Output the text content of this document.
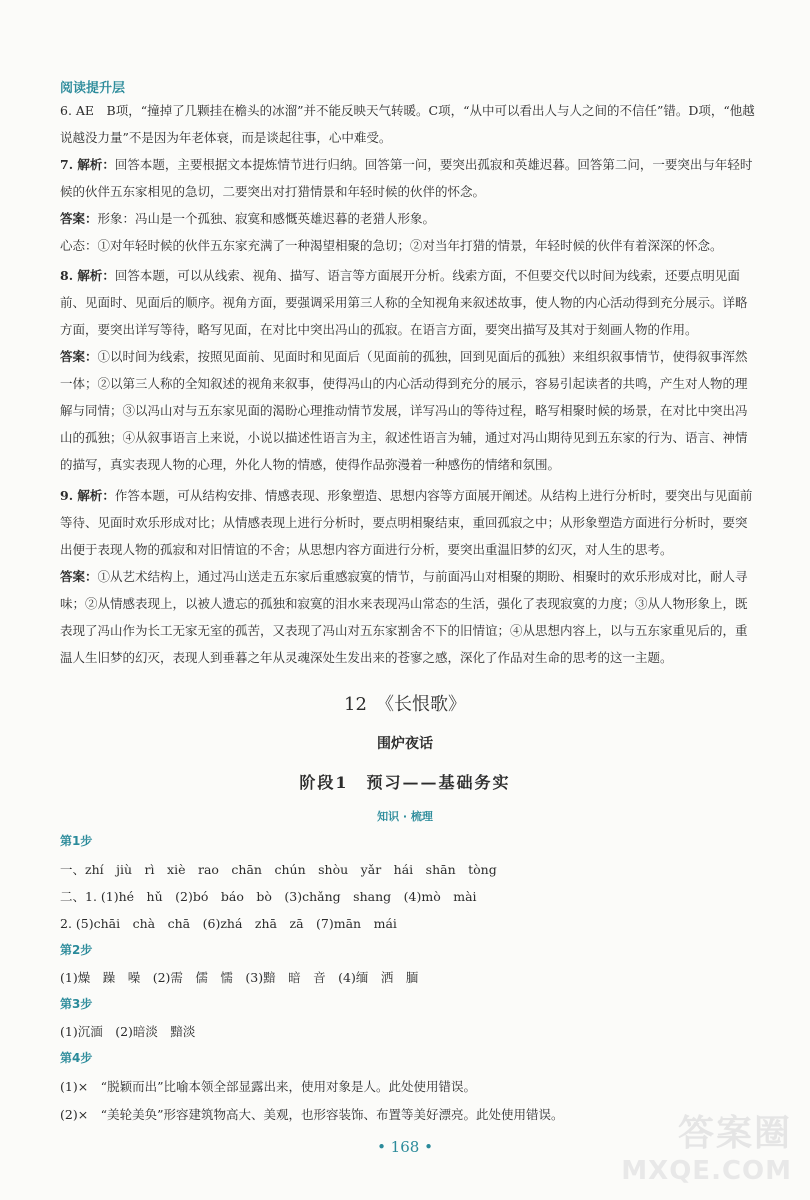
阅读提升层
6. AE　B项，“撞掉了几颗挂在檐头的冰溜”并不能反映天气转暖。C项，“从中可以看出人与人之间的不信任”错。D项，“他越说越没力量”不是因为年老体衰，而是谈起往事，心中难受。
7. 解析：回答本题，主要根据文本提炼情节进行归纳。回答第一问，要突出孤寂和英雄迟暮。回答第二问，一要突出与年轻时候的伙伴五东家相见的急切，二要突出对打猎情景和年轻时候的伙伴的怀念。
答案：形象：冯山是一个孤独、寂寞和感慨英雄迟暮的老猎人形象。
心态：①对年轻时候的伙伴五东家充满了一种渴望相聚的急切；②对当年打猎的情景，年轻时候的伙伴有着深深的怀念。
8. 解析：回答本题，可以从线索、视角、描写、语言等方面展开分析。线索方面，不但要交代以时间为线索，还要点明见面前、见面时、见面后的顺序。视角方面，要强调采用第三人称的全知视角来叙述故事，使人物的内心活动得到充分展示。详略方面，要突出详写等待，略写见面，在对比中突出冯山的孤寂。在语言方面，要突出描写及其对于刻画人物的作用。
答案：①以时间为线索，按照见面前、见面时和见面后（见面前的孤独，回到见面后的孤独）来组织叙事情节，使得叙事浑然一体；②以第三人称的全知叙述的视角来叙事，使得冯山的内心活动得到充分的展示，容易引起读者的共鸣，产生对人物的理解与同情；③以冯山对与五东家见面的渴盼心理推动情节发展，详写冯山的等待过程，略写相聚时候的场景，在对比中突出冯山的孤独；④从叙事语言上来说，小说以描述性语言为主，叙述性语言为辅，通过对冯山期待见到五东家的行为、语言、神情的描写，真实表现人物的心理，外化人物的情感，使得作品弥漫着一种感伤的情绪和氛围。
9. 解析：作答本题，可从结构安排、情感表现、形象塑造、思想内容等方面展开阐述。从结构上进行分析时，要突出与见面前等待、见面时欢乐形成对比；从情感表现上进行分析时，要点明相聚结束，重回孤寂之中；从形象塑造方面进行分析时，要突出便于表现人物的孤寂和对旧情谊的不舍；从思想内容方面进行分析，要突出重温旧梦的幻灭，对人生的思考。
答案：①从艺术结构上，通过冯山送走五东家后重感寂寞的情节，与前面冯山对相聚的期盼、相聚时的欢乐形成对比，耐人寻味；②从情感表现上，以被人遗忘的孤独和寂寞的泪水来表现冯山常态的生活，强化了表现寂寞的力度；③从人物形象上，既表现了冯山作为长工无家无室的孤苦，又表现了冯山对五东家割舍不下的旧情谊；④从思想内容上，以与五东家重见后的，重温人生旧梦的幻灭，表现人到垂暮之年从灵魂深处生发出来的苍寥之感，深化了作品对生命的思考的这一主题。
12　《长恨歌》
围炉夜话
阶段1　预习——基础务实
知识 · 梳理
第1步
一、zhí　jiù　rì　xiè　rao　chān　chún　shòu　yǎr　hái　shān　tòng
二、1. (1)hé　hǔ　(2)bó　báo　bò　(3)chǎng　shang　(4)mò　mài
2. (5)chāi　chà　chā　(6)zhá　zhā　zā　(7)mān　mái
第2步
(1)燥　躁　噪　(2)需　儒　懦　(3)黯　暗　音　(4)缅　洒　腼
第3步
(1)沉湎　(2)暗淡　黯淡
第4步
(1)×　“脱颖而出”比喻本领全部显露出来，使用对象是人。此处使用错误。
(2)×　“美轮美奂”形容建筑物高大、美观，也形容装饰、布置等美好漂亮。此处使用错误。
• 168 •	答案圈
MXQE.COM
